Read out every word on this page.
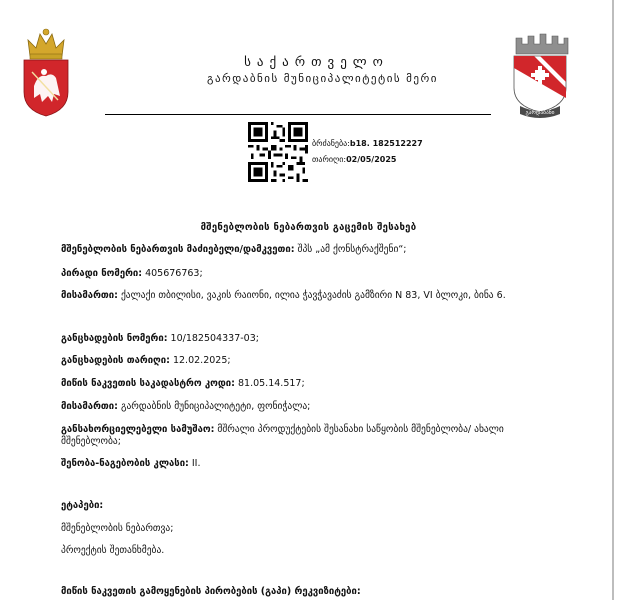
გარდაბანი
საქართველო
გარდაბნის მუნიციპალიტეტის მერი
ბრძანება:b18. 182512227
თარიღი:02/05/2025
მშენებლობის ნებართვის გაცემის შესახებ
მშენებლობის ნებართვის მაძიებელი/დამკვეთი: შპს „ამ ქონსტრაქშენი“;
პირადი ნომერი: 405676763;
მისამართი: ქალაქი თბილისი, ვაკის რაიონი, ილია ჭავჭავაძის გამზირი N 83, VI ბლოკი, ბინა 6.
განცხადების ნომერი: 10/182504337-03;
განცხადების თარიღი: 12.02.2025;
მიწის ნაკვეთის საკადასტრო კოდი: 81.05.14.517;
მისამართი: გარდაბნის მუნიციპალიტეტი, ფონიჭალა;
განსახორციელებელი სამუშაო: მშრალი პროდუქტების შესანახი საწყობის მშენებლობა/ ახალი მშენებლობა;
შენობა-ნაგებობის კლასი: II.
ეტაპები:
მშენებლობის ნებართვა;
პროექტის შეთანხმება.
მიწის ნაკვეთის გამოყენების პირობების (გაპი) რეკვიზიტები:
